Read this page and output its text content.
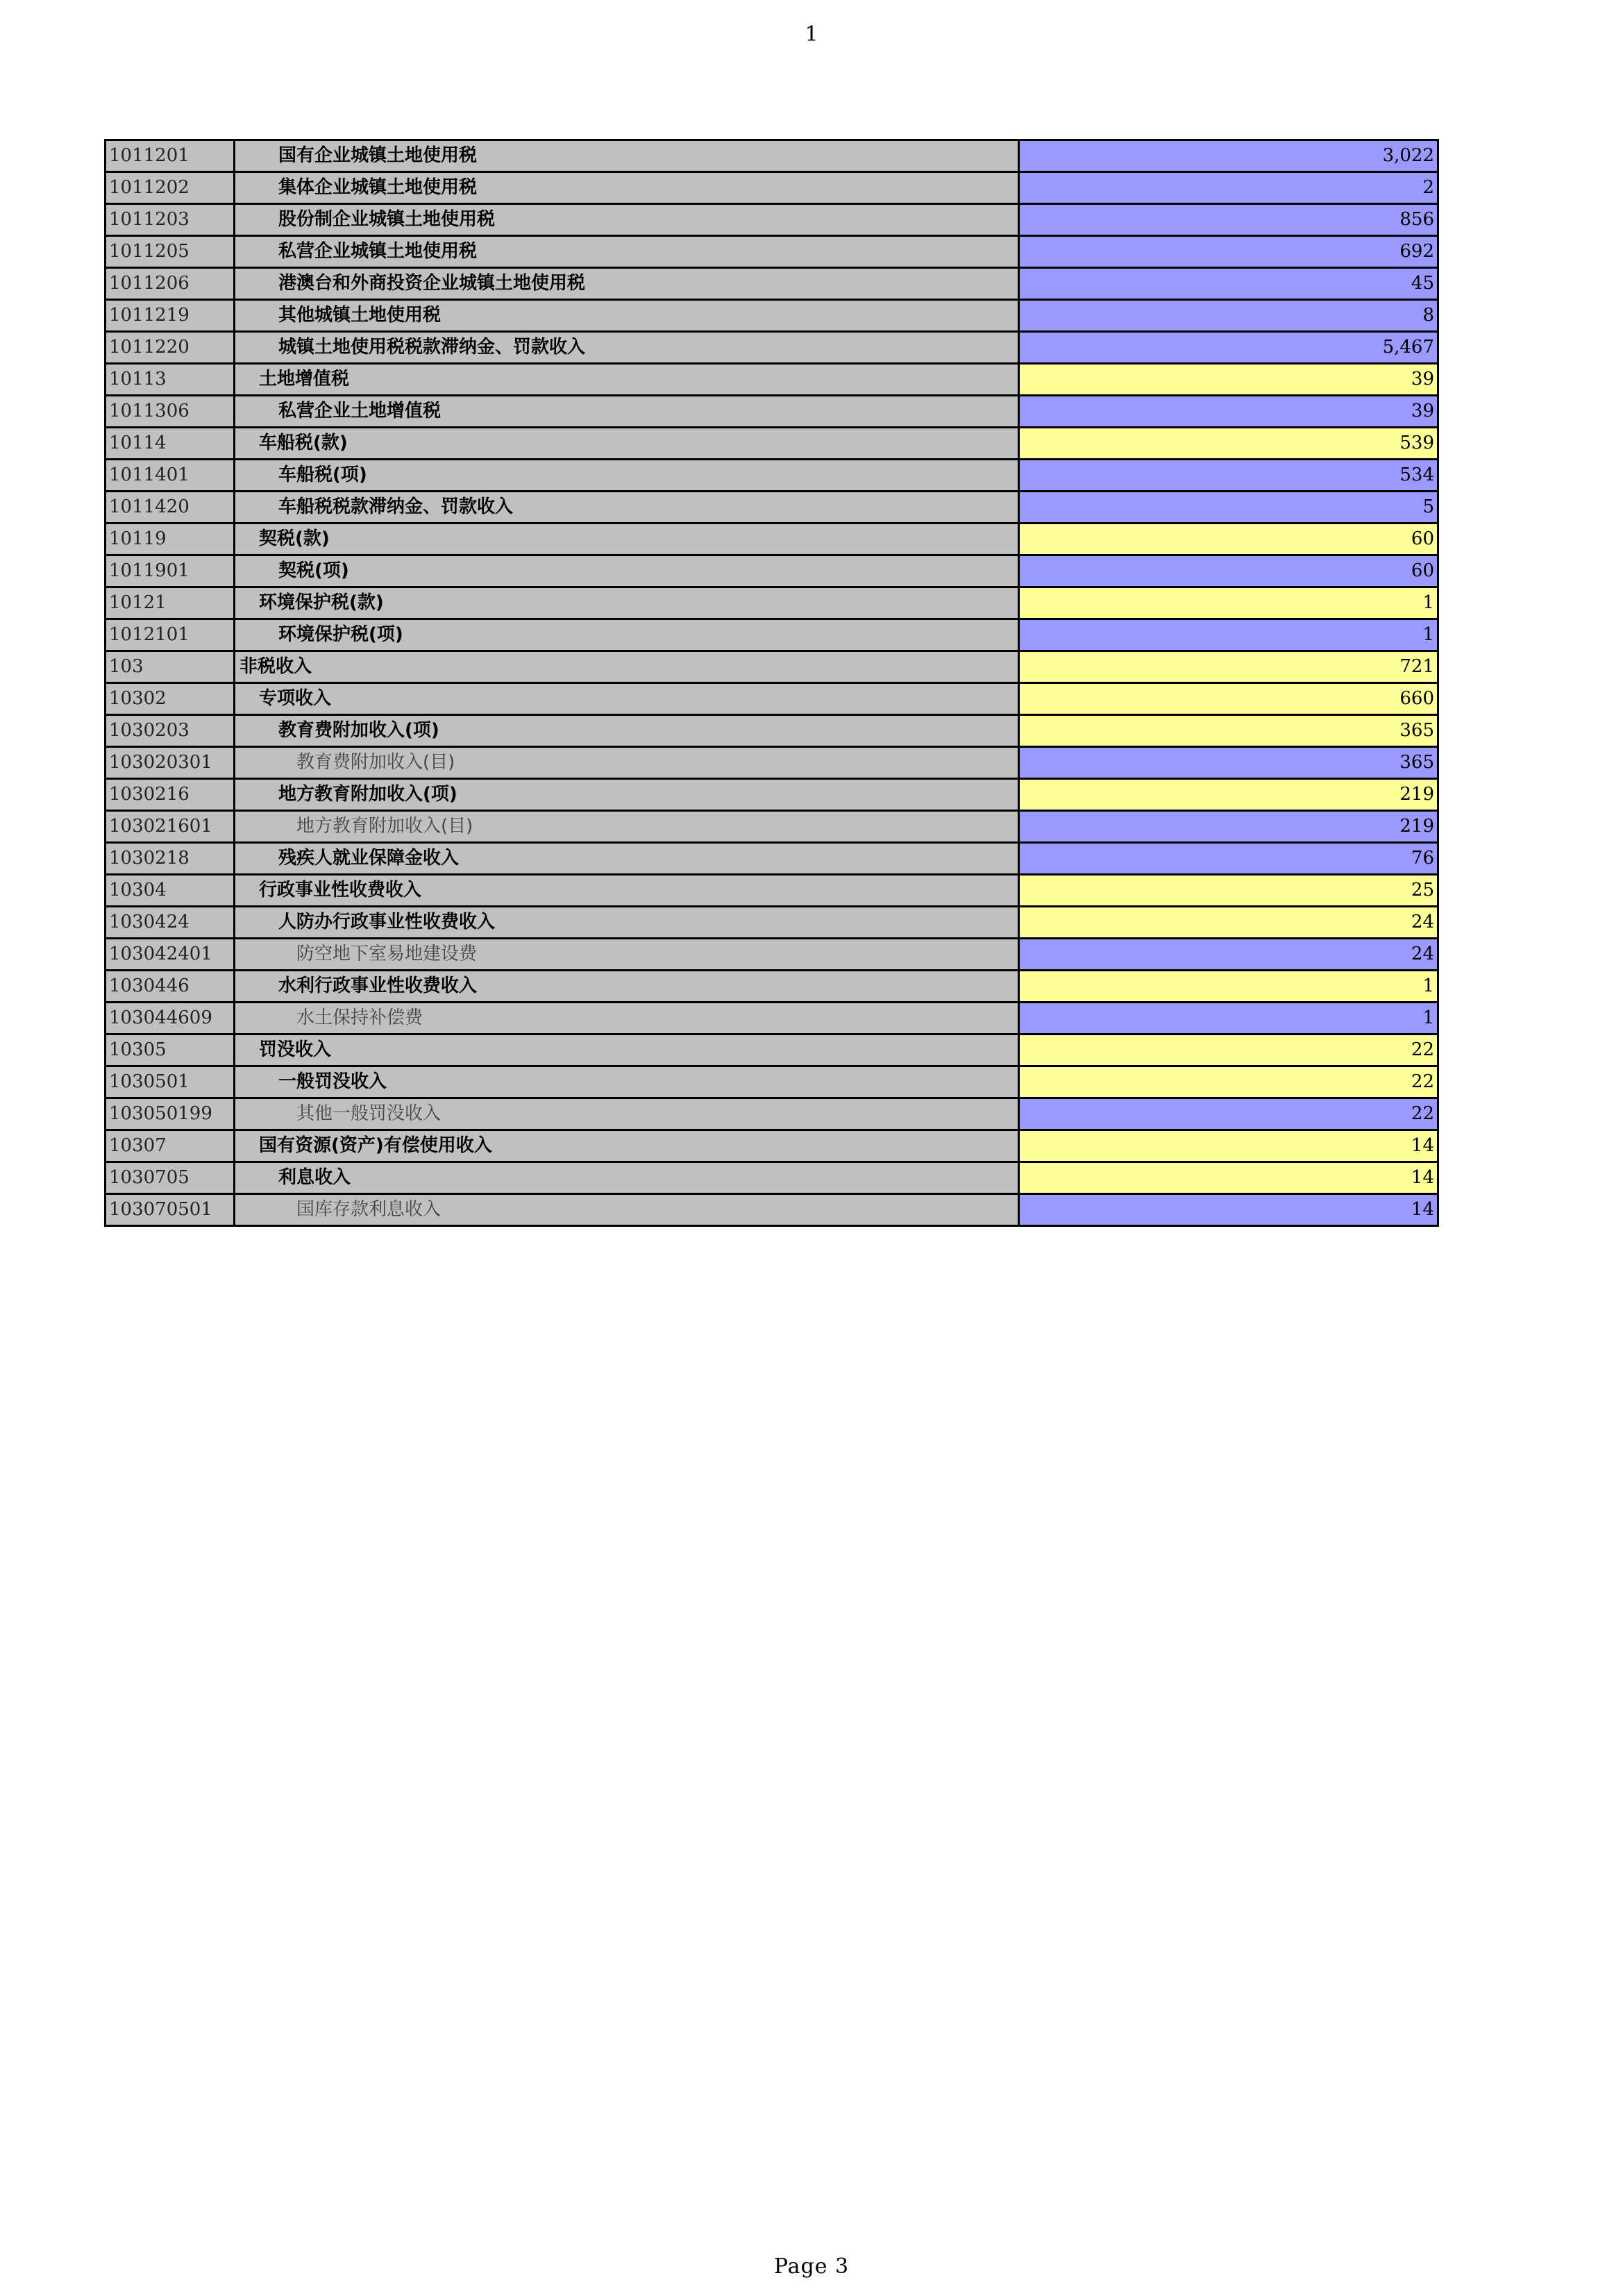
1
1011201	国有企业城镇土地使用税	3,022
1011202	集体企业城镇土地使用税	2
1011203	股份制企业城镇土地使用税	856
1011205	私营企业城镇土地使用税	692
1011206	港澳台和外商投资企业城镇土地使用税	45
1011219	其他城镇土地使用税	8
1011220	城镇土地使用税税款滞纳金、罚款收入	5,467
10113	土地增值税	39
1011306	私营企业土地增值税	39
10114	车船税(款)	539
1011401	车船税(项)	534
1011420	车船税税款滞纳金、罚款收入	5
10119	契税(款)	60
1011901	契税(项)	60
10121	环境保护税(款)	1
1012101	环境保护税(项)	1
103	非税收入	721
10302	专项收入	660
1030203	教育费附加收入(项)	365
103020301	教育费附加收入(目)	365
1030216	地方教育附加收入(项)	219
103021601	地方教育附加收入(目)	219
1030218	残疾人就业保障金收入	76
10304	行政事业性收费收入	25
1030424	人防办行政事业性收费收入	24
103042401	防空地下室易地建设费	24
1030446	水利行政事业性收费收入	1
103044609	水土保持补偿费	1
10305	罚没收入	22
1030501	一般罚没收入	22
103050199	其他一般罚没收入	22
10307	国有资源(资产)有偿使用收入	14
1030705	利息收入	14
103070501	国库存款利息收入	14
Page 3
